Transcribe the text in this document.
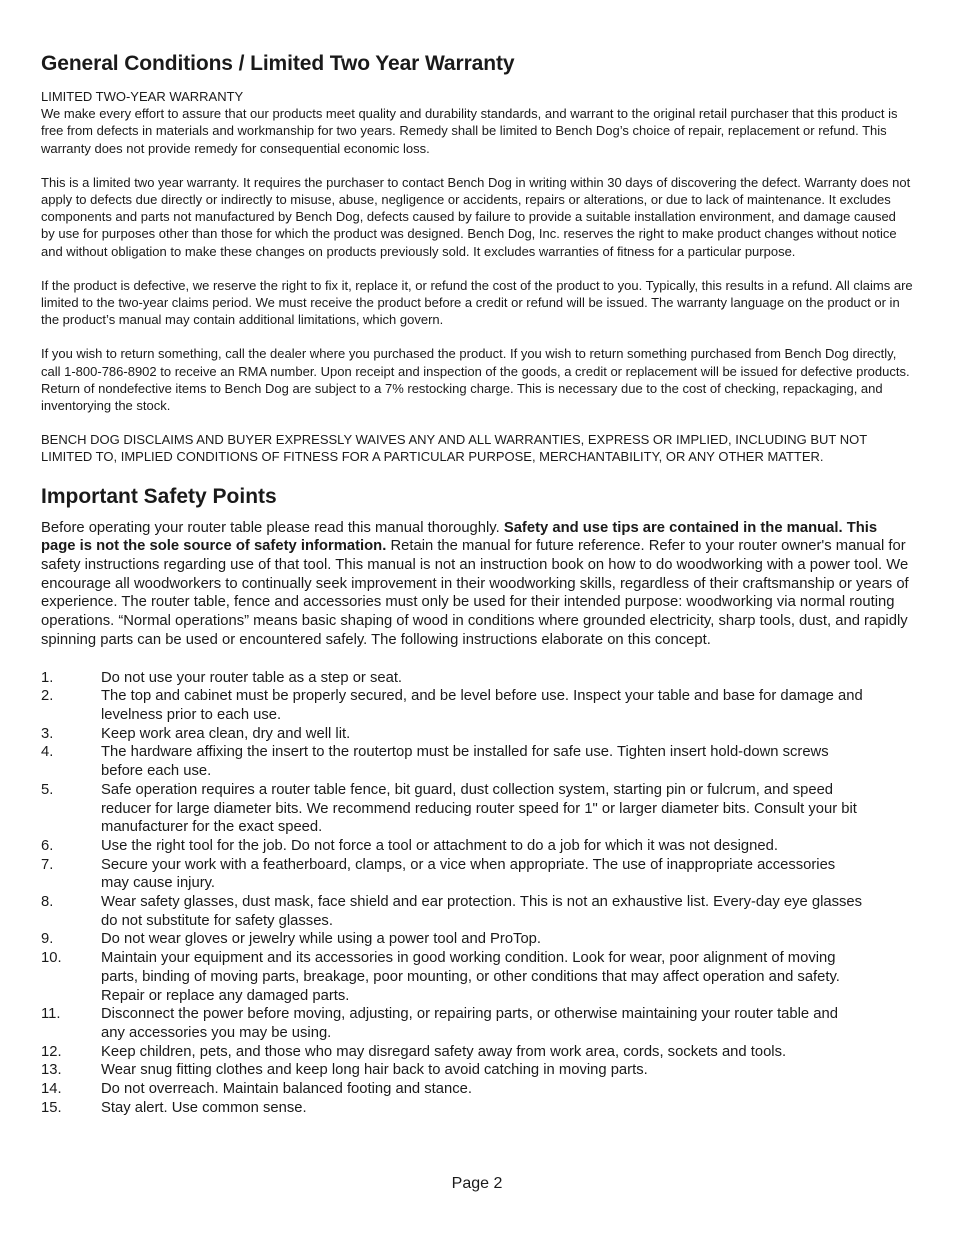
General Conditions / Limited Two Year Warranty

LIMITED TWO-YEAR WARRANTY
We make every effort to assure that our products meet quality and durability standards, and warrant to the original retail purchaser that this product is free from defects in materials and workmanship for two years. Remedy shall be limited to Bench Dog’s choice of repair, replacement or refund. This warranty does not provide remedy for consequential economic loss.

This is a limited two year warranty. It requires the purchaser to contact Bench Dog in writing within 30 days of discovering the defect. Warranty does not apply to defects due directly or indirectly to misuse, abuse, negligence or accidents, repairs or alterations, or due to lack of maintenance. It excludes components and parts not manufactured by Bench Dog, defects caused by failure to provide a suitable installation environment, and damage caused by use for purposes other than those for which the product was designed. Bench Dog, Inc. reserves the right to make product changes without notice and without obligation to make these changes on products previously sold. It excludes warranties of fitness for a particular purpose.

If the product is defective, we reserve the right to fix it, replace it, or refund the cost of the product to you. Typically, this results in a refund. All claims are limited to the two-year claims period. We must receive the product before a credit or refund will be issued. The warranty language on the product or in the product’s manual may contain additional limitations, which govern.

If you wish to return something, call the dealer where you purchased the product. If you wish to return something purchased from Bench Dog directly, call 1-800-786-8902 to receive an RMA number. Upon receipt and inspection of the goods, a credit or replacement will be issued for defective products. Return of nondefective items to Bench Dog are subject to a 7% restocking charge. This is necessary due to the cost of checking, repackaging, and inventorying the stock.

BENCH DOG DISCLAIMS AND BUYER EXPRESSLY WAIVES ANY AND ALL WARRANTIES, EXPRESS OR IMPLIED, INCLUDING BUT NOT LIMITED TO, IMPLIED CONDITIONS OF FITNESS FOR A PARTICULAR PURPOSE, MERCHANTABILITY, OR ANY OTHER MATTER.

Important Safety Points
Before operating your router table please read this manual thoroughly. Safety and use tips are contained in the manual. This page is not the sole source of safety information. Retain the manual for future reference. Refer to your router owner's manual for safety instructions regarding use of that tool. This manual is not an instruction book on how to do woodworking with a power tool. We encourage all woodworkers to continually seek improvement in their woodworking skills, regardless of their craftsmanship or years of experience. The router table, fence and accessories must only be used for their intended purpose: woodworking via normal routing operations. “Normal operations” means basic shaping of wood in conditions where grounded electricity, sharp tools, dust, and rapidly spinning parts can be used or encountered safely. The following instructions elaborate on this concept.
1.	Do not use your router table as a step or seat.
2.	The top and cabinet must be properly secured, and be level before use. Inspect your table and base for damage and levelness prior to each use.
3.	Keep work area clean, dry and well lit.
4.	The hardware affixing the insert to the routertop must be installed for safe use. Tighten insert hold-down screws before each use.
5.	Safe operation requires a router table fence, bit guard, dust collection system, starting pin or fulcrum, and speed reducer for large diameter bits. We recommend reducing router speed for 1" or larger diameter bits. Consult your bit manufacturer for the exact speed.
6.	Use the right tool for the job. Do not force a tool or attachment to do a job for which it was not designed.
7.	Secure your work with a featherboard, clamps, or a vice when appropriate. The use of inappropriate accessories may cause injury.
8.	Wear safety glasses, dust mask, face shield and ear protection. This is not an exhaustive list. Every-day eye glasses do not substitute for safety glasses.
9.	Do not wear gloves or jewelry while using a power tool and ProTop.
10.	Maintain your equipment and its accessories in good working condition. Look for wear, poor alignment of moving parts, binding of moving parts, breakage, poor mounting, or other conditions that may affect operation and safety. Repair or replace any damaged parts.
11.	Disconnect the power before moving, adjusting, or repairing parts, or otherwise maintaining your router table and any accessories you may be using.
12.	Keep children, pets, and those who may disregard safety away from work area, cords, sockets and tools.
13.	Wear snug fitting clothes and keep long hair back to avoid catching in moving parts.
14.	Do not overreach. Maintain balanced footing and stance.
15.	Stay alert. Use common sense.
Page 2
